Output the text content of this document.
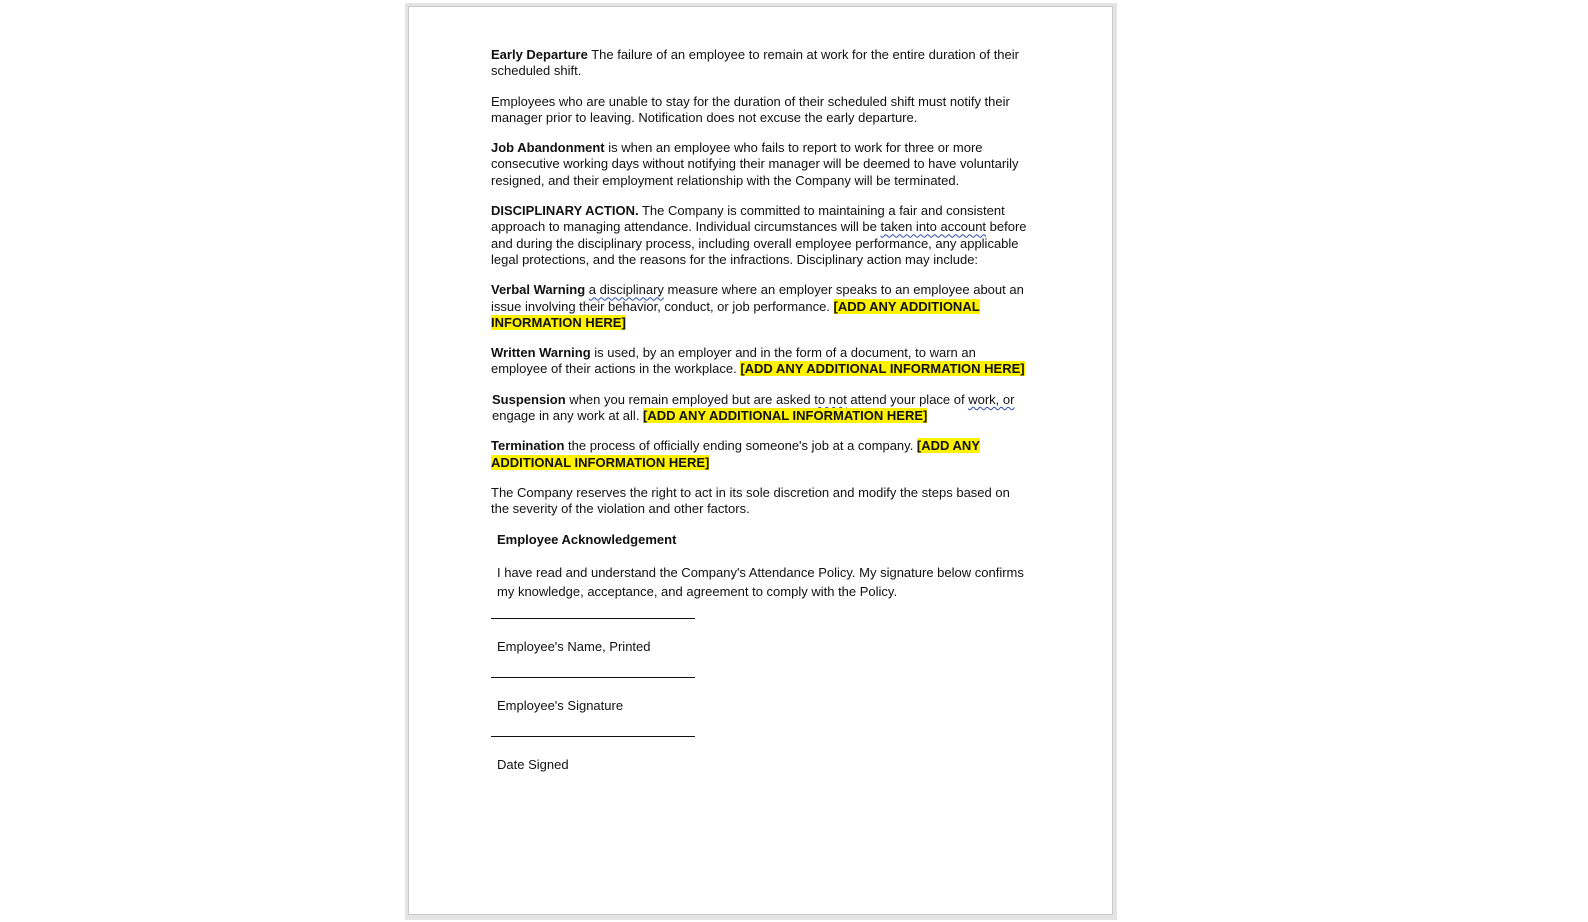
Early Departure The failure of an employee to remain at work for the entire duration of their scheduled shift.

Employees who are unable to stay for the duration of their scheduled shift must notify their manager prior to leaving. Notification does not excuse the early departure.

Job Abandonment is when an employee who fails to report to work for three or more consecutive working days without notifying their manager will be deemed to have voluntarily resigned, and their employment relationship with the Company will be terminated.

DISCIPLINARY ACTION. The Company is committed to maintaining a fair and consistent approach to managing attendance. Individual circumstances will be taken into account before and during the disciplinary process, including overall employee performance, any applicable legal protections, and the reasons for the infractions. Disciplinary action may include:

Verbal Warning a disciplinary measure where an employer speaks to an employee about an issue involving their behavior, conduct, or job performance. [ADD ANY ADDITIONAL INFORMATION HERE]

Written Warning is used, by an employer and in the form of a document, to warn an employee of their actions in the workplace. [ADD ANY ADDITIONAL INFORMATION HERE]

Suspension when you remain employed but are asked to not attend your place of work, or engage in any work at all. [ADD ANY ADDITIONAL INFORMATION HERE]

Termination the process of officially ending someone's job at a company. [ADD ANY ADDITIONAL INFORMATION HERE]

The Company reserves the right to act in its sole discretion and modify the steps based on the severity of the violation and other factors.

Employee Acknowledgement
I have read and understand the Company's Attendance Policy. My signature below confirms my knowledge, acceptance, and agreement to comply with the Policy.
Employee's Name, Printed
Employee's Signature
Date Signed
